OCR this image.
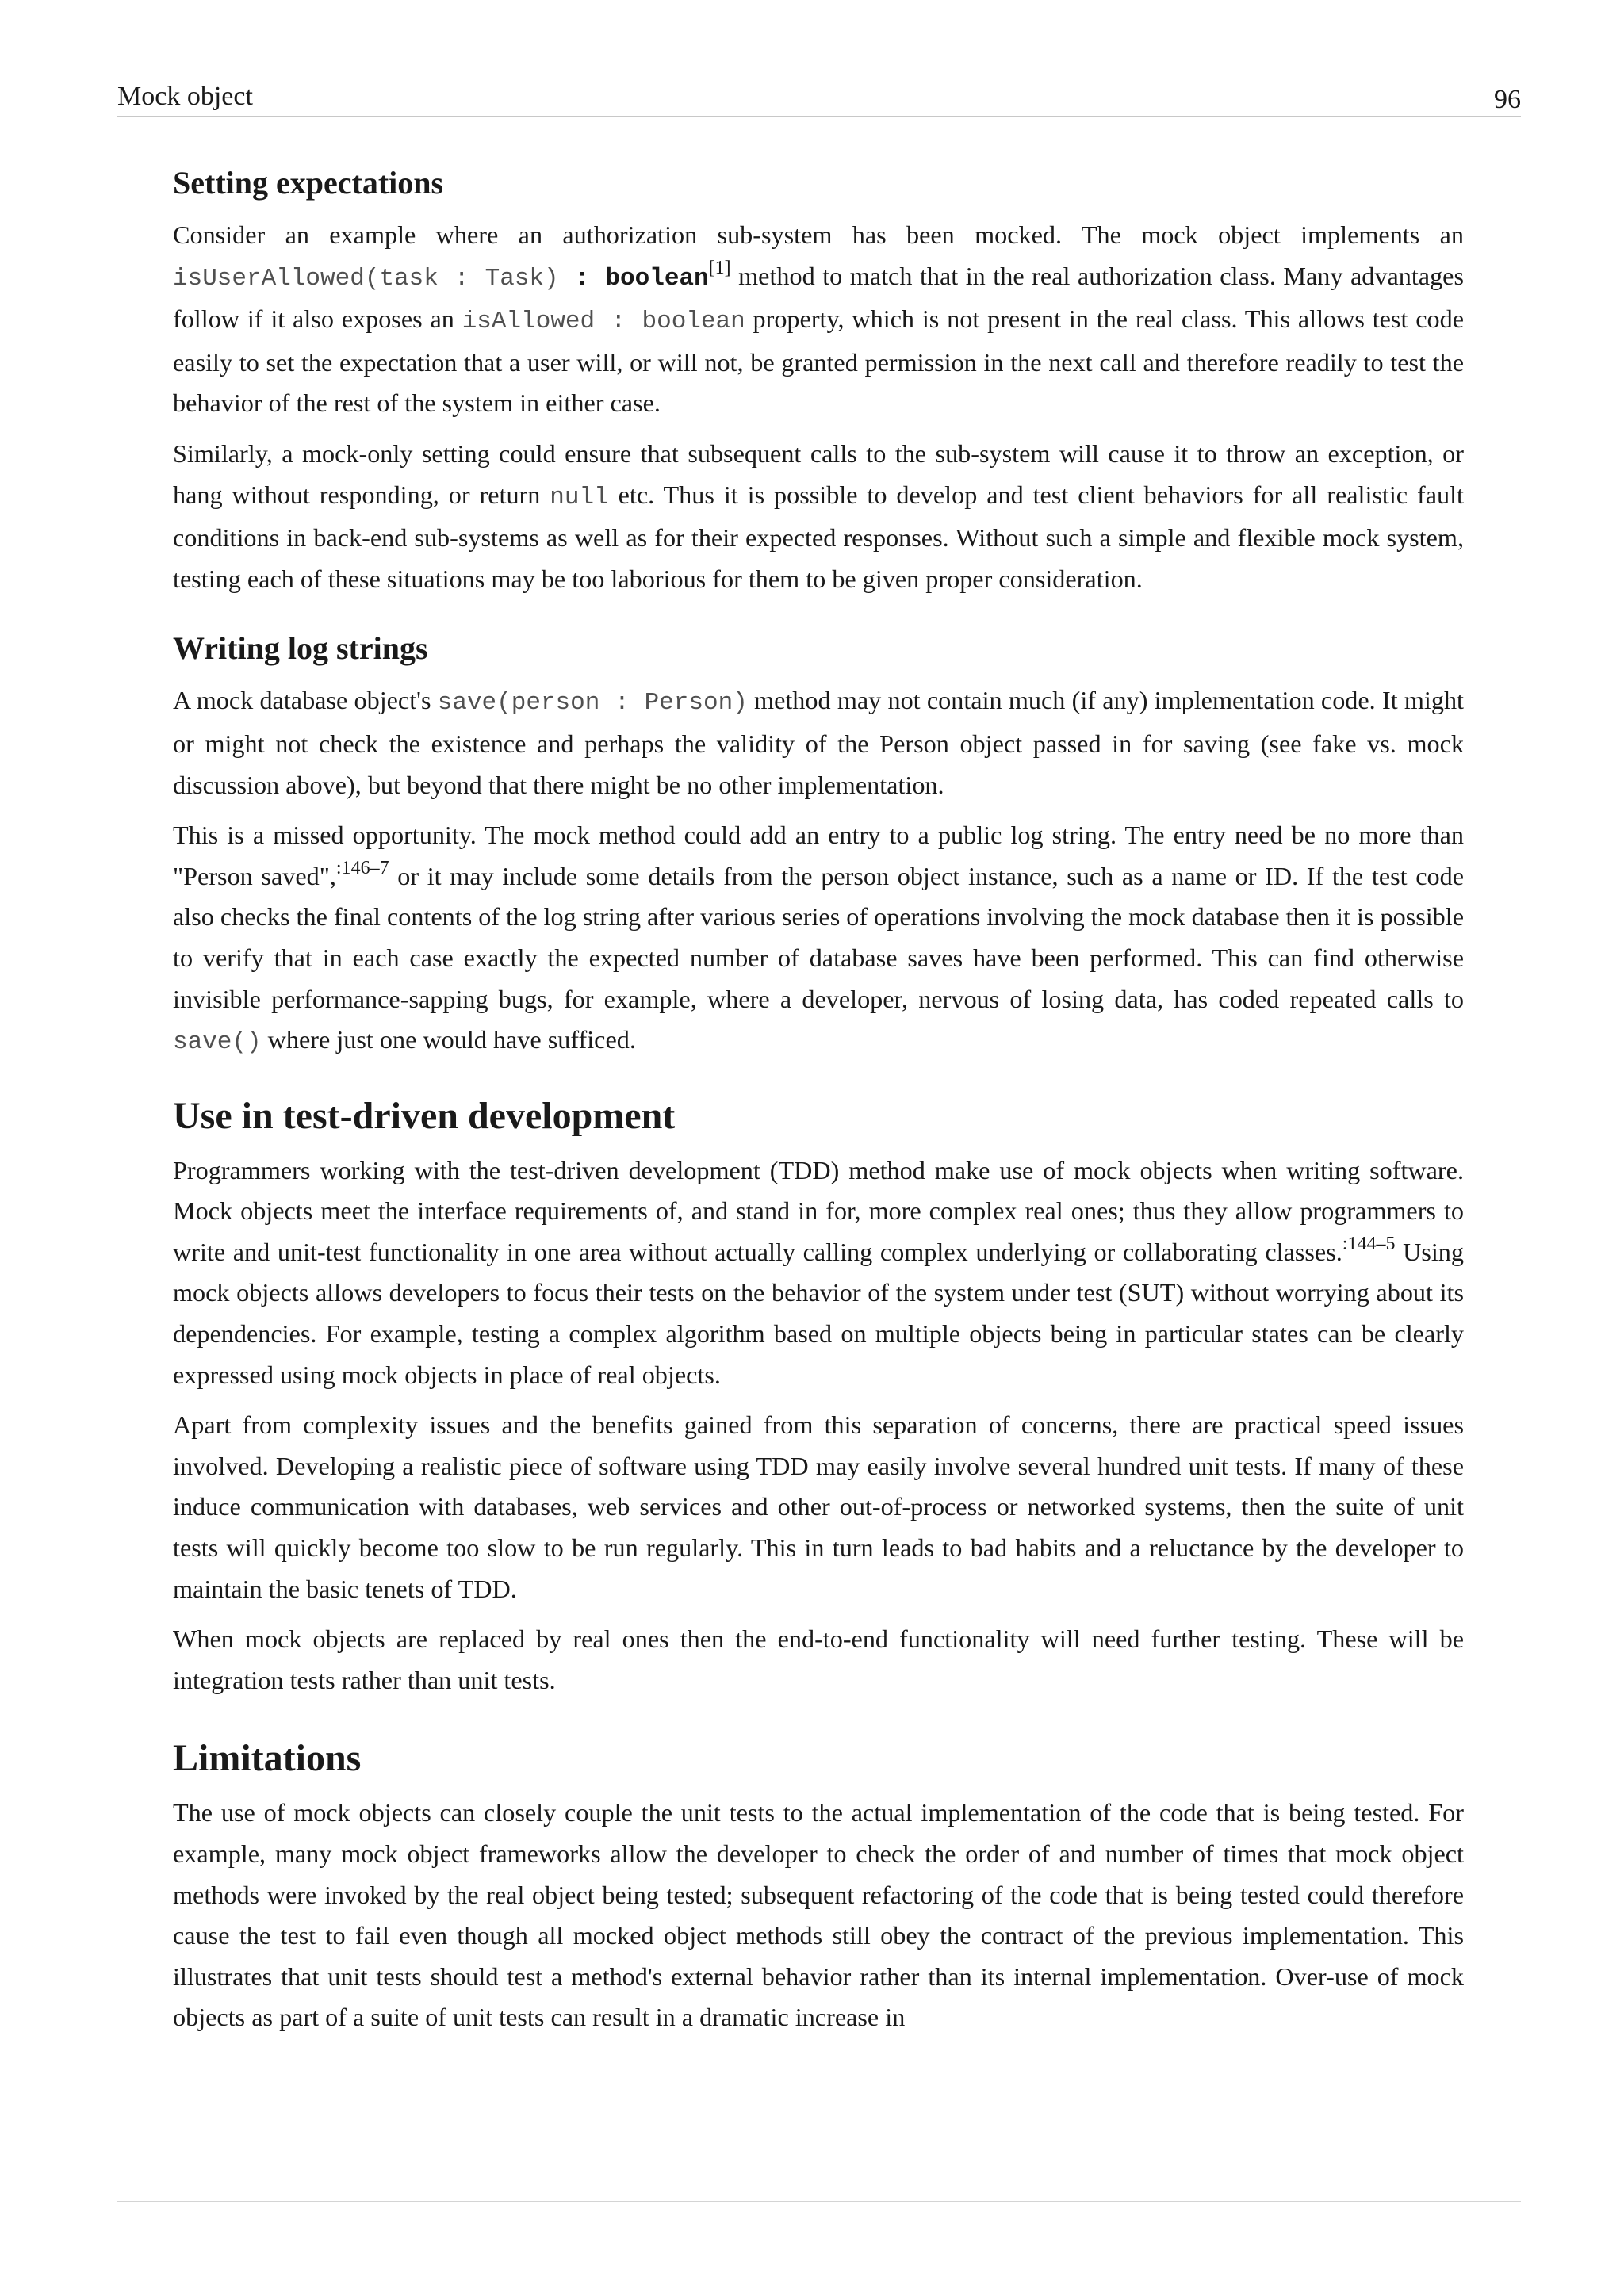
Mock object	96
Setting expectations

Consider an example where an authorization sub-system has been mocked. The mock object implements an isUserAllowed(task : Task) : boolean[1] method to match that in the real authorization class. Many advantages follow if it also exposes an isAllowed : boolean property, which is not present in the real class. This allows test code easily to set the expectation that a user will, or will not, be granted permission in the next call and therefore readily to test the behavior of the rest of the system in either case.

Similarly, a mock-only setting could ensure that subsequent calls to the sub-system will cause it to throw an exception, or hang without responding, or return null etc. Thus it is possible to develop and test client behaviors for all realistic fault conditions in back-end sub-systems as well as for their expected responses. Without such a simple and flexible mock system, testing each of these situations may be too laborious for them to be given proper consideration.

Writing log strings

A mock database object's save(person : Person) method may not contain much (if any) implementation code. It might or might not check the existence and perhaps the validity of the Person object passed in for saving (see fake vs. mock discussion above), but beyond that there might be no other implementation.

This is a missed opportunity. The mock method could add an entry to a public log string. The entry need be no more than "Person saved",$^{:146-7}$ or it may include some details from the person object instance, such as a name or ID. If the test code also checks the final contents of the log string after various series of operations involving the mock database then it is possible to verify that in each case exactly the expected number of database saves have been performed. This can find otherwise invisible performance-sapping bugs, for example, where a developer, nervous of losing data, has coded repeated calls to save() where just one would have sufficed.

Use in test-driven development

Programmers working with the test-driven development (TDD) method make use of mock objects when writing software. Mock objects meet the interface requirements of, and stand in for, more complex real ones; thus they allow programmers to write and unit-test functionality in one area without actually calling complex underlying or collaborating classes.$^{:144-5}$ Using mock objects allows developers to focus their tests on the behavior of the system under test (SUT) without worrying about its dependencies. For example, testing a complex algorithm based on multiple objects being in particular states can be clearly expressed using mock objects in place of real objects.

Apart from complexity issues and the benefits gained from this separation of concerns, there are practical speed issues involved. Developing a realistic piece of software using TDD may easily involve several hundred unit tests. If many of these induce communication with databases, web services and other out-of-process or networked systems, then the suite of unit tests will quickly become too slow to be run regularly. This in turn leads to bad habits and a reluctance by the developer to maintain the basic tenets of TDD.

When mock objects are replaced by real ones then the end-to-end functionality will need further testing. These will be integration tests rather than unit tests.

Limitations

The use of mock objects can closely couple the unit tests to the actual implementation of the code that is being tested. For example, many mock object frameworks allow the developer to check the order of and number of times that mock object methods were invoked by the real object being tested; subsequent refactoring of the code that is being tested could therefore cause the test to fail even though all mocked object methods still obey the contract of the previous implementation. This illustrates that unit tests should test a method's external behavior rather than its internal implementation. Over-use of mock objects as part of a suite of unit tests can result in a dramatic increase in
